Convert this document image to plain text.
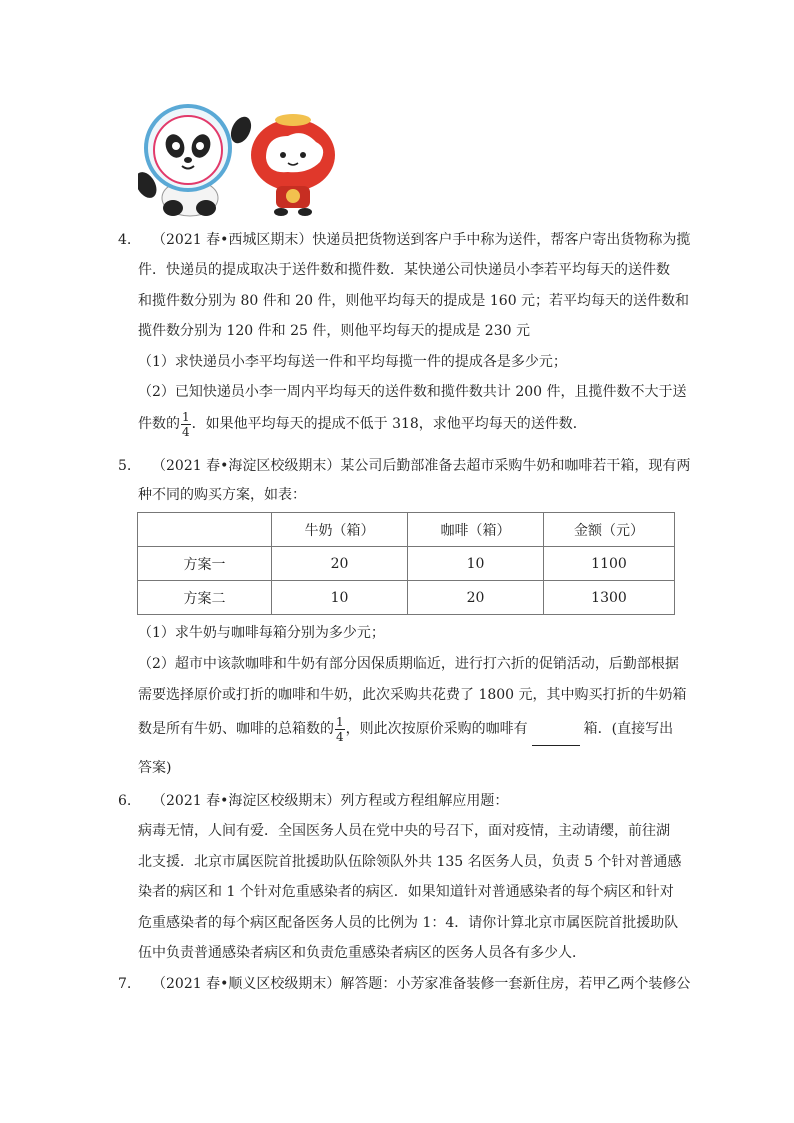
4.	（2021 春•西城区期末）快递员把货物送到客户手中称为送件，帮客户寄出货物称为揽
件．快递员的提成取决于送件数和揽件数．某快递公司快递员小李若平均每天的送件数
和揽件数分别为 80 件和 20 件，则他平均每天的提成是 160 元；若平均每天的送件数和
揽件数分别为 120 件和 25 件，则他平均每天的提成是 230 元
（1）求快递员小李平均每送一件和平均每揽一件的提成各是多少元；
（2）已知快递员小李一周内平均每天的送件数和揽件数共计 200 件，且揽件数不大于送
件数的 $\frac{1}{4}$ ．如果他平均每天的提成不低于 318，求他平均每天的送件数．
5.	（2021 春•海淀区校级期末）某公司后勤部准备去超市采购牛奶和咖啡若干箱，现有两
种不同的购买方案，如表：
	牛奶（箱）	咖啡（箱）	金额（元）
方案一	20	10	1100
方案二	10	20	1300
（1）求牛奶与咖啡每箱分别为多少元；
（2）超市中该款咖啡和牛奶有部分因保质期临近，进行打六折的促销活动，后勤部根据
需要选择原价或打折的咖啡和牛奶，此次采购共花费了 1800 元，其中购买打折的牛奶箱
数是所有牛奶、咖啡的总箱数的 $\frac{1}{4}$ ，则此次按原价采购的咖啡有	箱．(直接写出
答案)
6.	（2021 春•海淀区校级期末）列方程或方程组解应用题：
病毒无情，人间有爱．全国医务人员在党中央的号召下，面对疫情，主动请缨，前往湖
北支援．北京市属医院首批援助队伍除领队外共 135 名医务人员，负责 5 个针对普通感
染者的病区和 1 个针对危重感染者的病区．如果知道针对普通感染者的每个病区和针对
危重感染者的每个病区配备医务人员的比例为 1：4．请你计算北京市属医院首批援助队
伍中负责普通感染者病区和负责危重感染者病区的医务人员各有多少人．
7.	（2021 春•顺义区校级期末）解答题：小芳家准备装修一套新住房，若甲乙两个装修公
